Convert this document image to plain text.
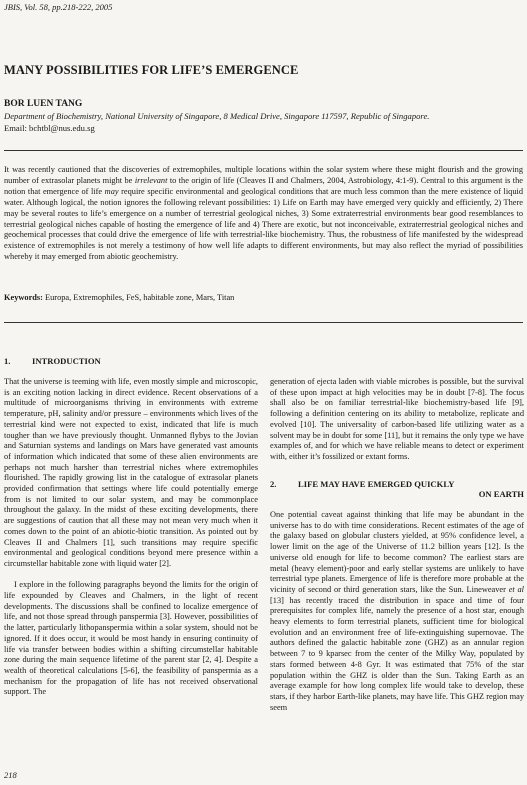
JBIS, Vol. 58, pp.218-222, 2005
MANY POSSIBILITIES FOR LIFE’S EMERGENCE
BOR LUEN TANG
Department of Biochemistry, National University of Singapore, 8 Medical Drive, Singapore 117597, Republic of Singapore.
Email: bchtbl@nus.edu.sg
It was recently cautioned that the discoveries of extremophiles, multiple locations within the solar system where these might flourish and the growing number of extrasolar planets might be irrelevant to the origin of life (Cleaves II and Chalmers, 2004, Astrobiology, 4:1-9). Central to this argument is the notion that emergence of life may require specific environmental and geological conditions that are much less common than the mere existence of liquid water. Although logical, the notion ignores the following relevant possibilities: 1) Life on Earth may have emerged very quickly and efficiently, 2) There may be several routes to life’s emergence on a number of terrestrial geological niches, 3) Some extraterrestrial environments bear good resemblances to terrestrial geological niches capable of hosting the emergence of life and 4) There are exotic, but not inconceivable, extraterrestrial geological niches and geochemical processes that could drive the emergence of life with terrestrial-like biochemistry. Thus, the robustness of life manifested by the widespread existence of extremophiles is not merely a testimony of how well life adapts to different environments, but may also reflect the myriad of possibilities whereby it may emerged from abiotic geochemistry.
Keywords: Europa, Extremophiles, FeS, habitable zone, Mars, Titan
1.	INTRODUCTION

That the universe is teeming with life, even mostly simple and microscopic, is an exciting notion lacking in direct evidence. Recent observations of a multitude of microorganisms thriving in environments with extreme temperature, pH, salinity and/or pressure – environments which lives of the terrestrial kind were not expected to exist, indicated that life is much tougher than we have previously thought. Unmanned flybys to the Jovian and Saturnian systems and landings on Mars have generated vast amounts of information which indicated that some of these alien environments are perhaps not much harsher than terrestrial niches where extremophiles flourished. The rapidly growing list in the catalogue of extrasolar planets provided confirmation that settings where life could potentially emerge from is not limited to our solar system, and may be commonplace throughout the galaxy. In the midst of these exciting developments, there are suggestions of caution that all these may not mean very much when it comes down to the point of an abiotic-biotic transition. As pointed out by Cleaves II and Chalmers [1], such transitions may require specific environmental and geological conditions beyond mere presence within a circumstellar habitable zone with liquid water [2].

I explore in the following paragraphs beyond the limits for the origin of life expounded by Cleaves and Chalmers, in the light of recent developments. The discussions shall be confined to localize emergence of life, and not those spread through panspermia [3]. However, possibilities of the latter, particularly lithopanspermia within a solar system, should not be ignored. If it does occur, it would be most handy in ensuring continuity of life via transfer between bodies within a shifting circumstellar habitable zone during the main sequence lifetime of the parent star [2, 4]. Despite a wealth of theoretical calculations [5-6], the feasibility of panspermia as a mechanism for the propagation of life has not received observational support. The

generation of ejecta laden with viable microbes is possible, but the survival of these upon impact at high velocities may be in doubt [7-8]. The focus shall also be on familiar terrestrial-like biochemistry-based life [9], following a definition centering on its ability to metabolize, replicate and evolved [10]. The universality of carbon-based life utilizing water as a solvent may be in doubt for some [11], but it remains the only type we have examples of, and for which we have reliable means to detect or experiment with, either it’s fossilized or extant forms.

2.	LIFE MAY HAVE EMERGED QUICKLY
ON EARTH

One potential caveat against thinking that life may be abundant in the universe has to do with time considerations. Recent estimates of the age of the galaxy based on globular clusters yielded, at 95% confidence level, a lower limit on the age of the Universe of 11.2 billion years [12]. Is the universe old enough for life to become common? The earliest stars are metal (heavy element)-poor and early stellar systems are unlikely to have terrestrial type planets. Emergence of life is therefore more probable at the vicinity of second or third generation stars, like the Sun. Lineweaver et al [13] has recently traced the distribution in space and time of four prerequisites for complex life, namely the presence of a host star, enough heavy elements to form terrestrial planets, sufficient time for biological evolution and an environment free of life-extinguishing supernovae. The authors defined the galactic habitable zone (GHZ) as an annular region between 7 to 9 kparsec from the center of the Milky Way, populated by stars formed between 4-8 Gyr. It was estimated that 75% of the star population within the GHZ is older than the Sun. Taking Earth as an average example for how long complex life would take to develop, these stars, if they harbor Earth-like planets, may have life. This GHZ region may seem

218
